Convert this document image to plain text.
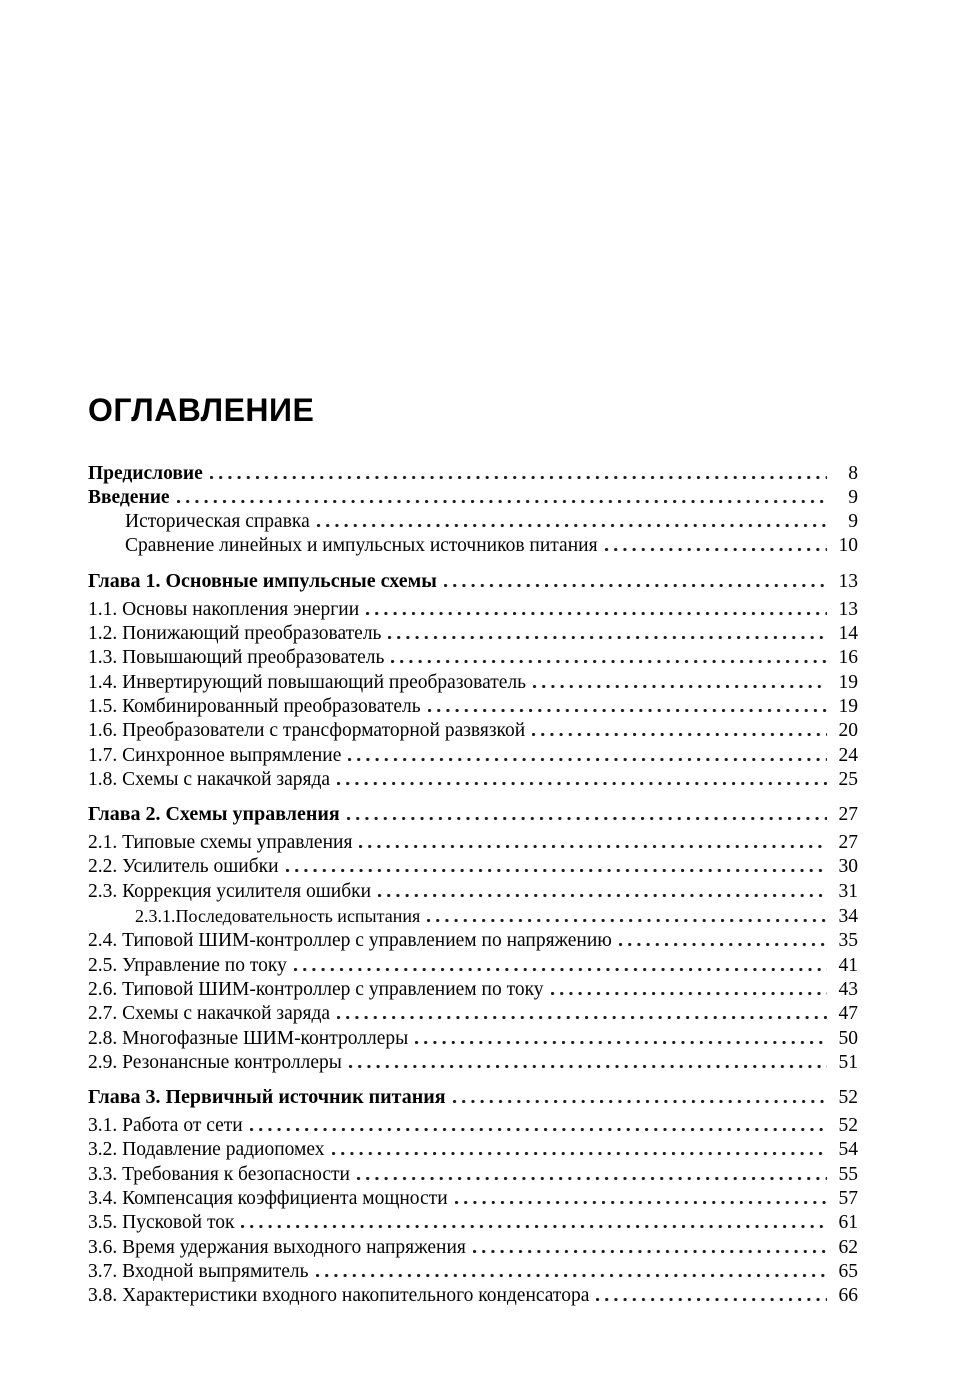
ОГЛАВЛЕНИЕ
Предисловие	8
Введение	9
Историческая справка	9
Сравнение линейных и импульсных источников питания	10
Глава 1. Основные импульсные схемы	13
1.1. Основы накопления энергии	13
1.2. Понижающий преобразователь	14
1.3. Повышающий преобразователь	16
1.4. Инвертирующий повышающий преобразователь	19
1.5. Комбинированный преобразователь	19
1.6. Преобразователи с трансформаторной развязкой	20
1.7. Синхронное выпрямление	24
1.8. Схемы с накачкой заряда	25
Глава 2. Схемы управления	27
2.1. Типовые схемы управления	27
2.2. Усилитель ошибки	30
2.3. Коррекция усилителя ошибки	31
2.3.1.Последовательность испытания	34
2.4. Типовой ШИМ-контроллер с управлением по напряжению	35
2.5. Управление по току	41
2.6. Типовой ШИМ-контроллер с управлением по току	43
2.7. Схемы с накачкой заряда	47
2.8. Многофазные ШИМ-контроллеры	50
2.9. Резонансные контроллеры	51
Глава 3. Первичный источник питания	52
3.1. Работа от сети	52
3.2. Подавление радиопомех	54
3.3. Требования к безопасности	55
3.4. Компенсация коэффициента мощности	57
3.5. Пусковой ток	61
3.6. Время удержания выходного напряжения	62
3.7. Входной выпрямитель	65
3.8. Характеристики входного накопительного конденсатора	66
